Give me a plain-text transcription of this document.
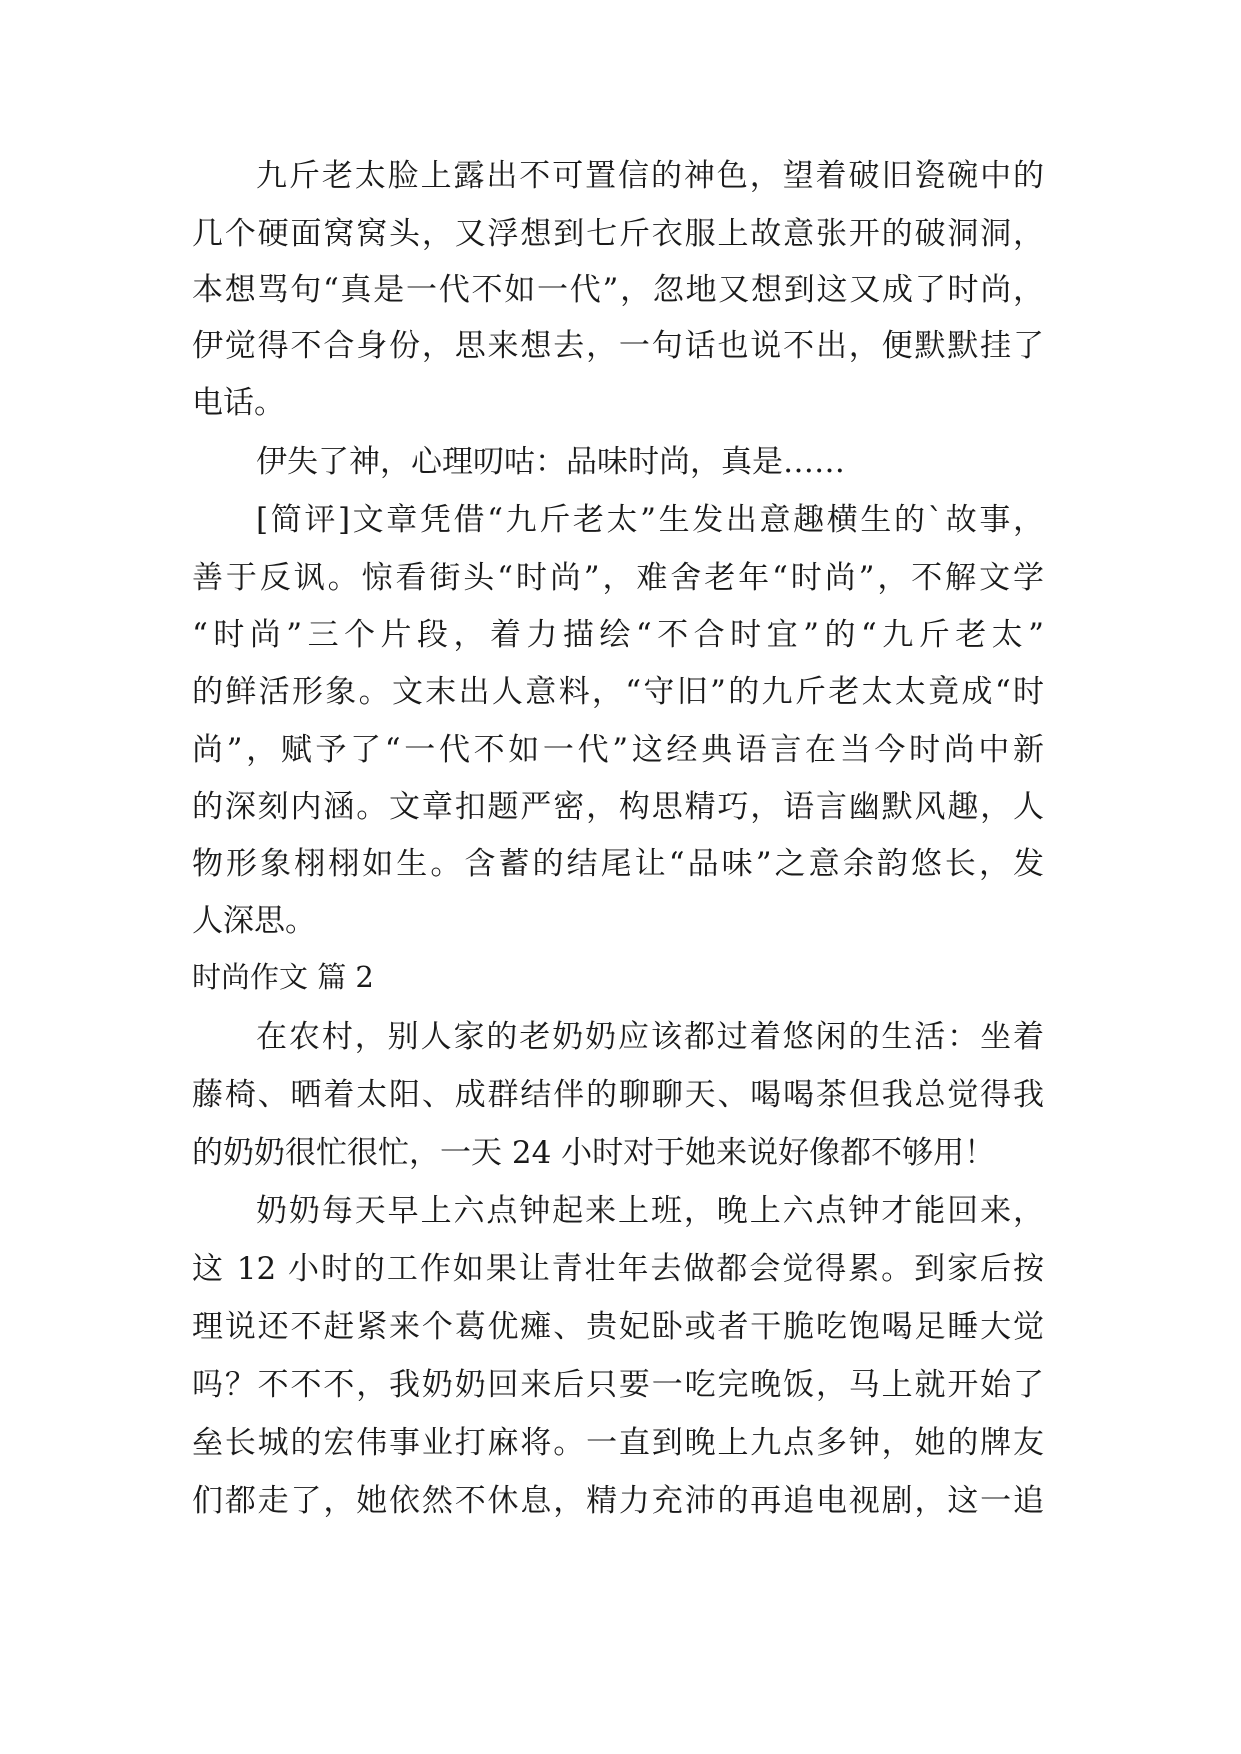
九斤老太脸上露出不可置信的神色，望着破旧瓷碗中的
几个硬面窝窝头，又浮想到七斤衣服上故意张开的破洞洞，
本想骂句“真是一代不如一代”，忽地又想到这又成了时尚，
伊觉得不合身份，思来想去，一句话也说不出，便默默挂了
电话。
伊失了神，心理叨咕：品味时尚，真是……
[简评]文章凭借“九斤老太”生发出意趣横生的`故事，
善于反讽。惊看街头“时尚”，难舍老年“时尚”，不解文学
“时尚”三个片段，着力描绘“不合时宜”的“九斤老太”
的鲜活形象。文末出人意料，“守旧”的九斤老太太竟成“时
尚”，赋予了“一代不如一代”这经典语言在当今时尚中新
的深刻内涵。文章扣题严密，构思精巧，语言幽默风趣，人
物形象栩栩如生。含蓄的结尾让“品味”之意余韵悠长，发
人深思。
时尚作文 篇 2
在农村，别人家的老奶奶应该都过着悠闲的生活：坐着
藤椅、晒着太阳、成群结伴的聊聊天、喝喝茶但我总觉得我
的奶奶很忙很忙，一天 24 小时对于她来说好像都不够用！
奶奶每天早上六点钟起来上班，晚上六点钟才能回来，
这 12 小时的工作如果让青壮年去做都会觉得累。到家后按
理说还不赶紧来个葛优瘫、贵妃卧或者干脆吃饱喝足睡大觉
吗？不不不，我奶奶回来后只要一吃完晚饭，马上就开始了
垒长城的宏伟事业打麻将。一直到晚上九点多钟，她的牌友
们都走了，她依然不休息，精力充沛的再追电视剧，这一追
